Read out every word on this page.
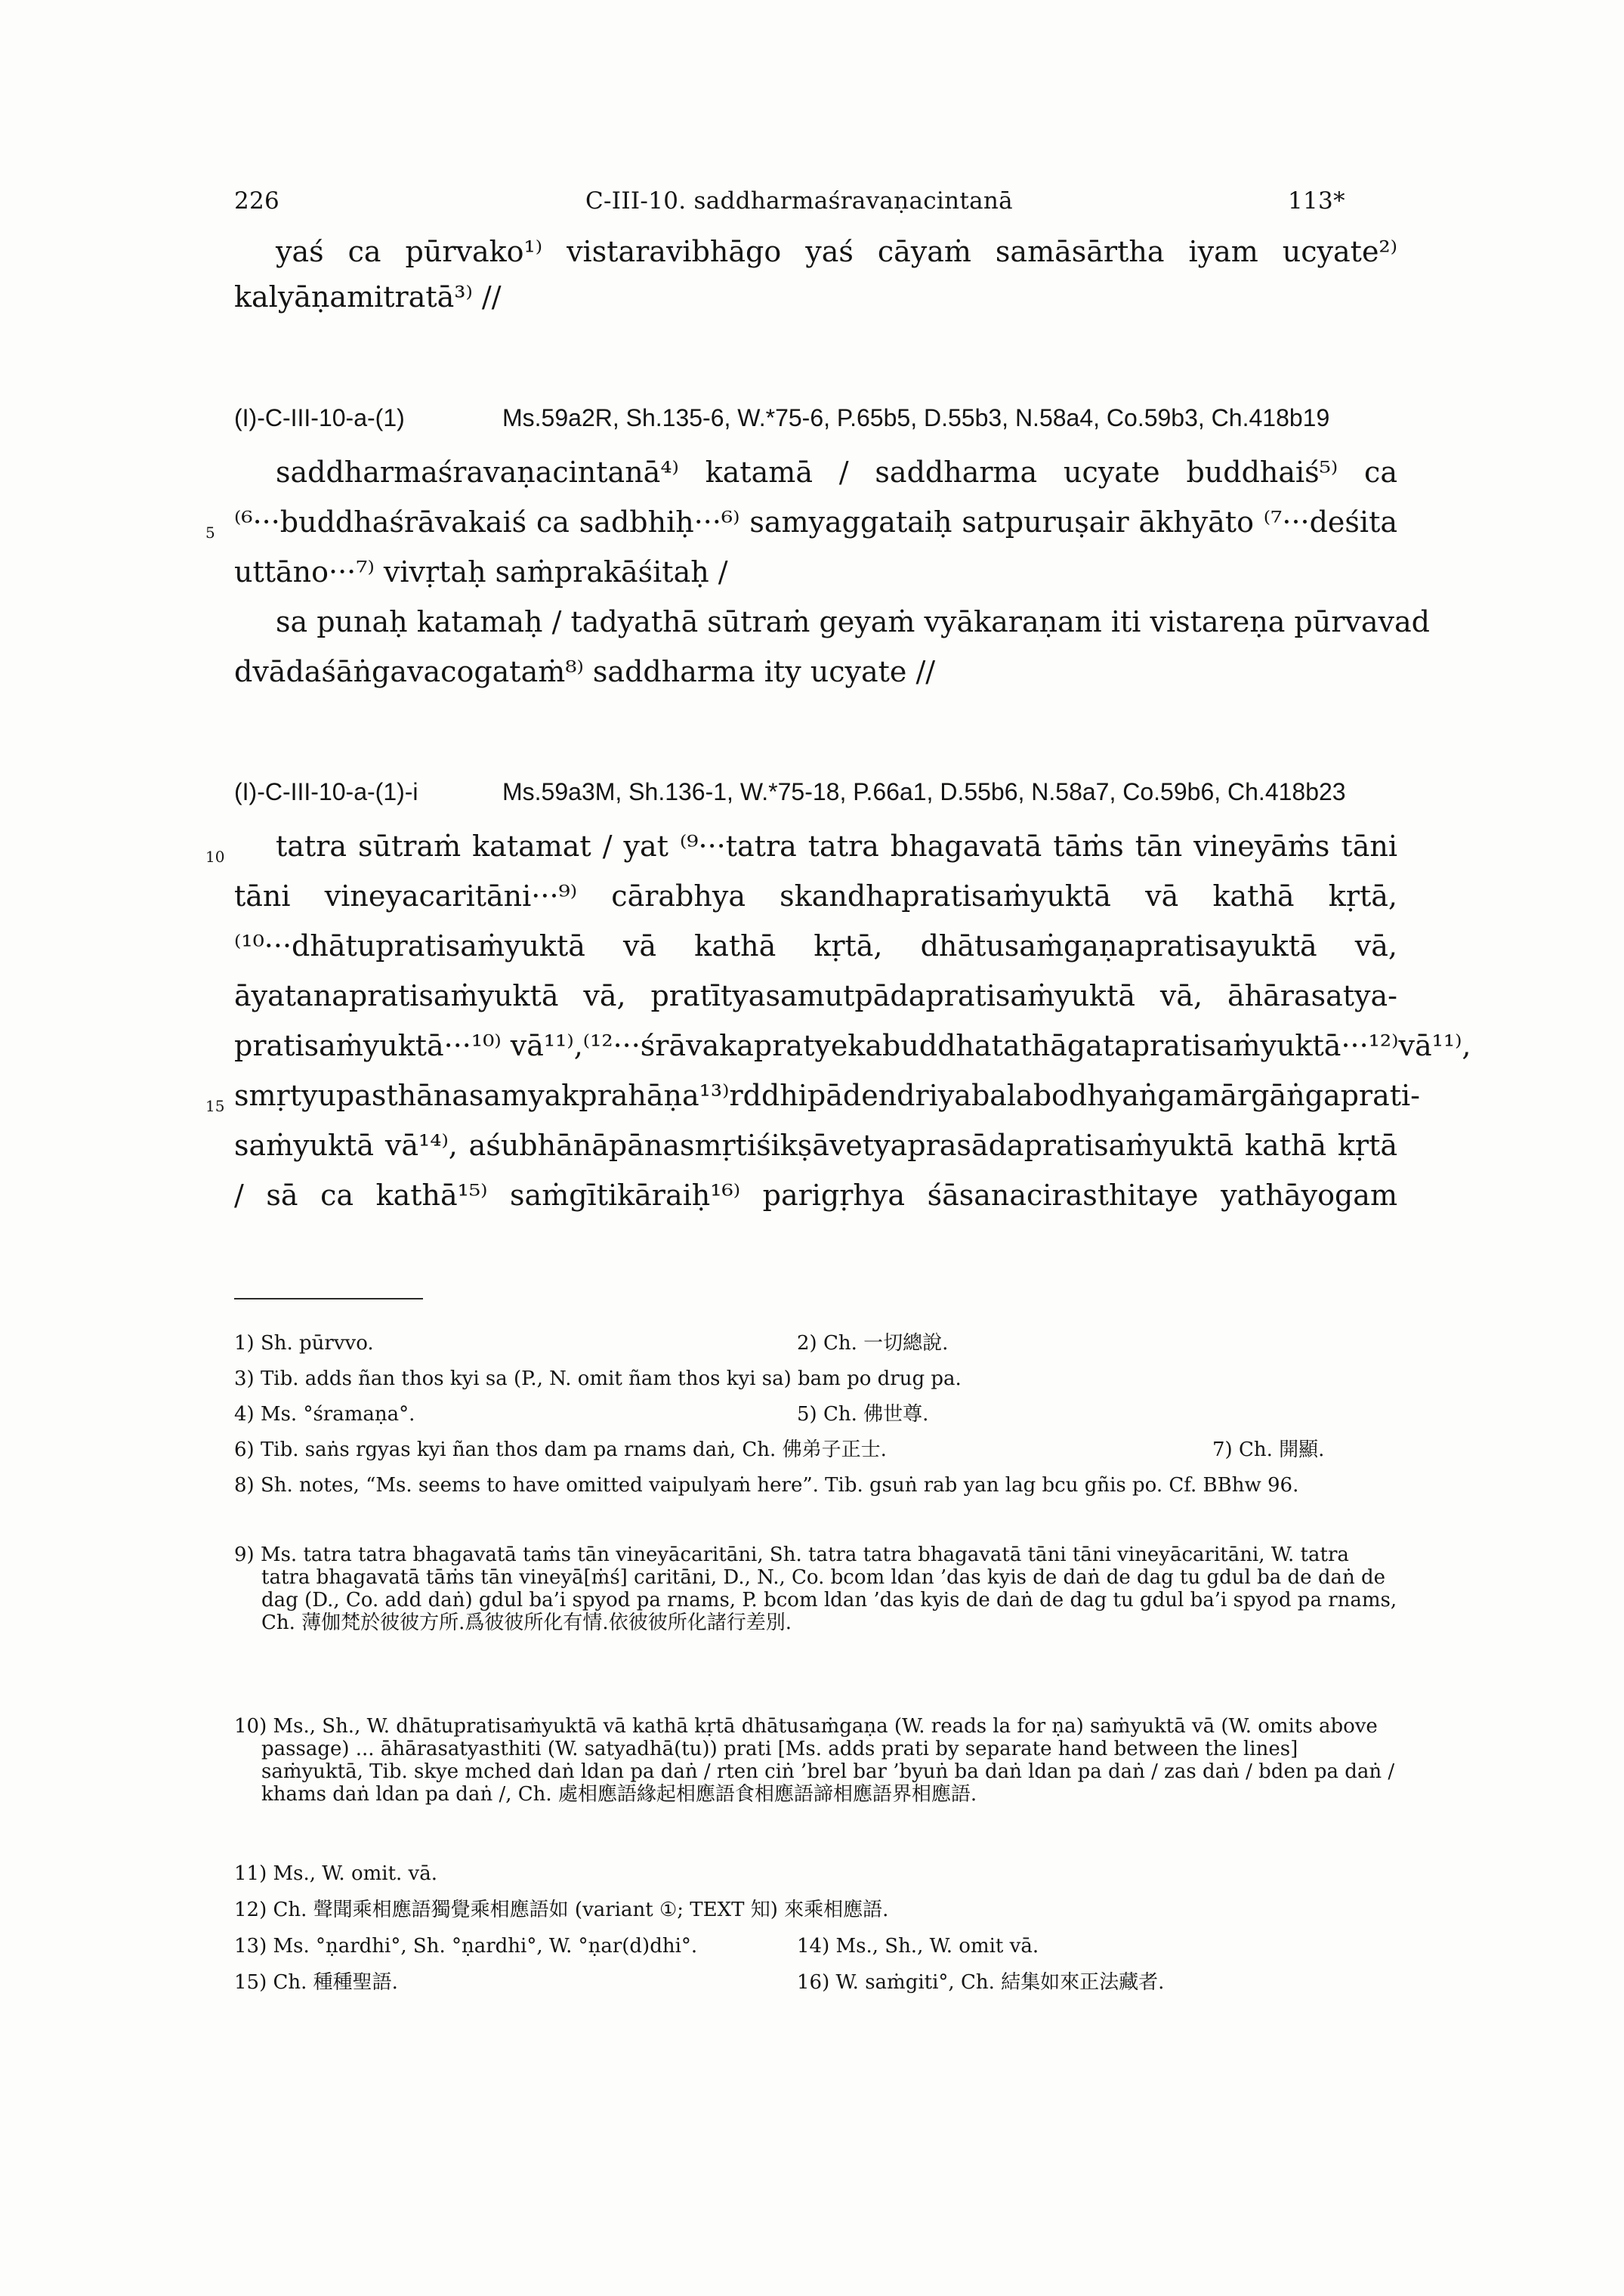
226	C-III-10. saddharmaśravaṇacintanā	113*
yaś ca pūrvako¹⁾ vistaravibhāgo yaś cāyaṁ samāsārtha iyam ucyate²⁾
kalyāṇamitratā³⁾ //
(I)-C-III-10-a-(1)	Ms.59a2R, Sh.135-6, W.*75-6, P.65b5, D.55b3, N.58a4, Co.59b3, Ch.418b19
saddharmaśravaṇacintanā⁴⁾ katamā / saddharma ucyate buddhaiś⁵⁾ ca
5 ⁽⁶···buddhaśrāvakaiś ca sadbhiḥ···⁶⁾ samyaggataiḥ satpuruṣair ākhyāto ⁽⁷···deśita
uttāno···⁷⁾ vivṛtaḥ saṁprakāśitaḥ /
sa punaḥ katamaḥ / tadyathā sūtraṁ geyaṁ vyākaraṇam iti vistareṇa pūrvavad
dvādaśāṅgavacogataṁ⁸⁾ saddharma ity ucyate //
(I)-C-III-10-a-(1)-i	Ms.59a3M, Sh.136-1, W.*75-18, P.66a1, D.55b6, N.58a7, Co.59b6, Ch.418b23
10 tatra sūtraṁ katamat / yat ⁽⁹···tatra tatra bhagavatā tāṁs tān vineyāṁs tāni
tāni vineyacaritāni···⁹⁾ cārabhya skandhapratisaṁyuktā vā kathā kṛtā,
⁽¹⁰···dhātupratisaṁyuktā vā kathā kṛtā, dhātusaṁgaṇapratisayuktā vā,
āyatanapratisaṁyuktā vā, pratītyasamutpādapratisaṁyuktā vā, āhārasatya-
pratisaṁyuktā···¹⁰⁾ vā¹¹⁾,⁽¹²···śrāvakapratyekabuddhatathāgatapratisaṁyuktā···¹²⁾vā¹¹⁾,
15 smṛtyupasthānasamyakprahāṇa¹³⁾rddhipādendriyabalabodhyaṅgamārgāṅgaprati-
saṁyuktā vā¹⁴⁾, aśubhānāpānasmṛtiśikṣāvetyaprasādapratisaṁyuktā kathā kṛtā
/ sā ca kathā¹⁵⁾ saṁgītikāraiḥ¹⁶⁾ parigṛhya śāsanacirasthitaye yathāyogam
1) Sh. pūrvvo.	2) Ch. 一切總說.
3) Tib. adds ñan thos kyi sa (P., N. omit ñam thos kyi sa) bam po drug pa.
4) Ms. °śramaṇa°.	5) Ch. 佛世尊.
6) Tib. saṅs rgyas kyi ñan thos dam pa rnams daṅ, Ch. 佛弟子正士.	7) Ch. 開顯.
8) Sh. notes, “Ms. seems to have omitted vaipulyaṁ here”. Tib. gsuṅ rab yan lag bcu gñis po. Cf. BBhw 96.
9) Ms. tatra tatra bhagavatā taṁs tān vineyācaritāni, Sh. tatra tatra bhagavatā tāni tāni vineyācaritāni, W. tatra tatra bhagavatā tāṁs tān vineyā[ṁś] caritāni, D., N., Co. bcom ldan ’das kyis de daṅ de dag tu gdul ba de daṅ de dag (D., Co. add daṅ) gdul ba’i spyod pa rnams, P. bcom ldan ’das kyis de daṅ de dag tu gdul ba’i spyod pa rnams, Ch. 薄伽梵於彼彼方所.爲彼彼所化有情.依彼彼所化諸行差別.
10) Ms., Sh., W. dhātupratisaṁyuktā vā kathā kṛtā dhātusaṁgaṇa (W. reads la for ṇa) saṁyuktā vā (W. omits above passage) ... āhārasatyasthiti (W. satyadhā(tu)) prati [Ms. adds prati by separate hand between the lines] saṁyuktā, Tib. skye mched daṅ ldan pa daṅ / rten ciṅ ’brel bar ’byuṅ ba daṅ ldan pa daṅ / zas daṅ / bden pa daṅ / khams daṅ ldan pa daṅ /, Ch. 處相應語緣起相應語食相應語諦相應語界相應語.
11) Ms., W. omit. vā.
12) Ch. 聲聞乘相應語獨覺乘相應語如 (variant ①; TEXT 知) 來乘相應語.
13) Ms. °ṇardhi°, Sh. °ṇardhi°, W. °ṇar(d)dhi°.	14) Ms., Sh., W. omit vā.
15) Ch. 種種聖語.	16) W. saṁgiti°, Ch. 結集如來正法藏者.
